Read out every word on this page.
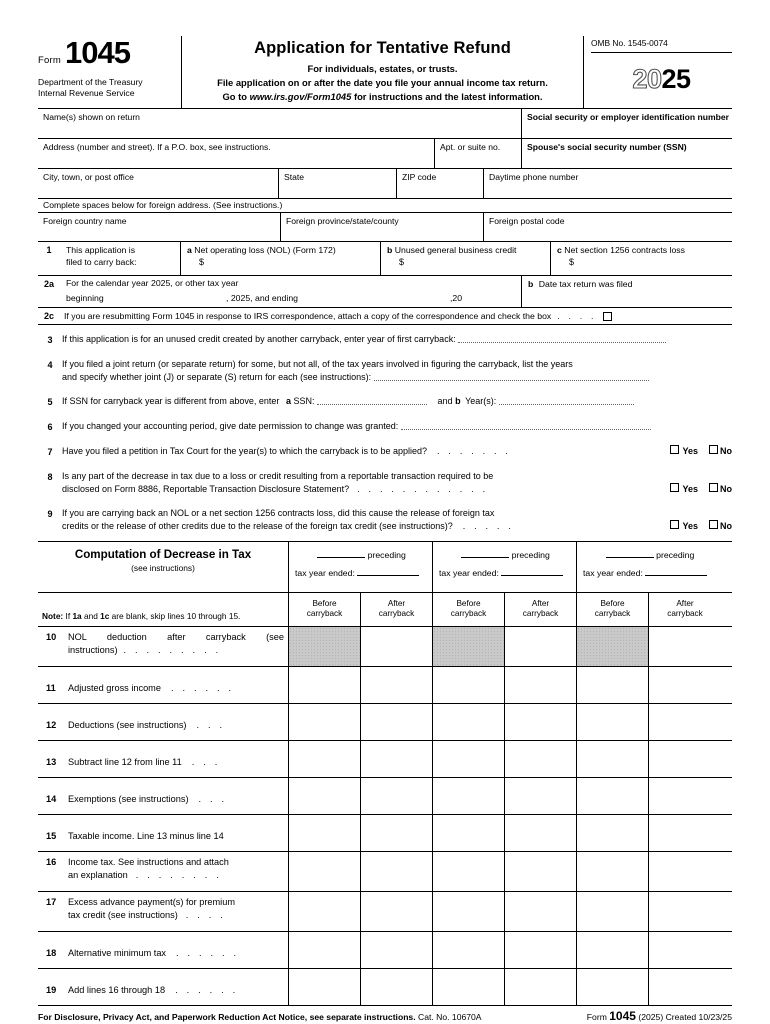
Form 1045
Department of the Treasury
Internal Revenue Service
Application for Tentative Refund
For individuals, estates, or trusts.
File application on or after the date you file your annual income tax return.
Go to www.irs.gov/Form1045 for instructions and the latest information.
OMB No. 1545-0074
20 25
Name(s) shown on return	Social security or employer identification number
Address (number and street). If a P.O. box, see instructions.	Apt. or suite no.	Spouse's social security number (SSN)
City, town, or post office	State	ZIP code	Daytime phone number
Complete spaces below for foreign address. (See instructions.)
Foreign country name	Foreign province/state/county	Foreign postal code
1	This application is
filed to carry back:
a Net operating loss (NOL) (Form 172)
$
b Unused general business credit
$
c Net section 1256 contracts loss
$
2a	For the calendar year 2025, or other tax year
beginning	, 2025, and ending	,20
b Date tax return was filed
2c	If you are resubmitting Form 1045 in response to IRS correspondence, attach a copy of the correspondence and check the box . . . .
3	If this application is for an unused credit created by another carryback, enter year of first carryback:
4	If you filed a joint return (or separate return) for some, but not all, of the tax years involved in figuring the carryback, list the years
and specify whether joint (J) or separate (S) return for each (see instructions):
5	If SSN for carryback year is different from above, enter a SSN:	and b Year(s):
6	If you changed your accounting period, give date permission to change was granted:
7	Have you filed a petition in Tax Court for the year(s) to which the carryback is to be applied? . . . . . . .	Yes No
8	Is any part of the decrease in tax due to a loss or credit resulting from a reportable transaction required to be
disclosed on Form 8886, Reportable Transaction Disclosure Statement? . . . . . . . . . . . .	Yes No
9	If you are carrying back an NOL or a net section 1256 contracts loss, did this cause the release of foreign tax
credits or the release of other credits due to the release of the foreign tax credit (see instructions)? . . . . .	Yes No
Computation of Decrease in Tax
(see instructions)
preceding
tax year ended:
preceding
tax year ended:
preceding
tax year ended:
Note: If 1a and 1c are blank, skip lines 10 through 15.
Before
carryback
After
carryback
Before
carryback
After
carryback
Before
carryback
After
carryback
10	NOL deduction after carryback (see
instructions) . . . . . . . . .
11	Adjusted gross income . . . . . .
12	Deductions (see instructions) . . .
13	Subtract line 12 from line 11 . . .
14	Exemptions (see instructions) . . .
15	Taxable income. Line 13 minus line 14
16	Income tax. See instructions and attach
an explanation . . . . . . . .
17	Excess advance payment(s) for premium
tax credit (see instructions) . . . .
18	Alternative minimum tax . . . . . .
19	Add lines 16 through 18 . . . . . .
For Disclosure, Privacy Act, and Paperwork Reduction Act Notice, see separate instructions. Cat. No. 10670A	Form 1045 (2025) Created 10/23/25
